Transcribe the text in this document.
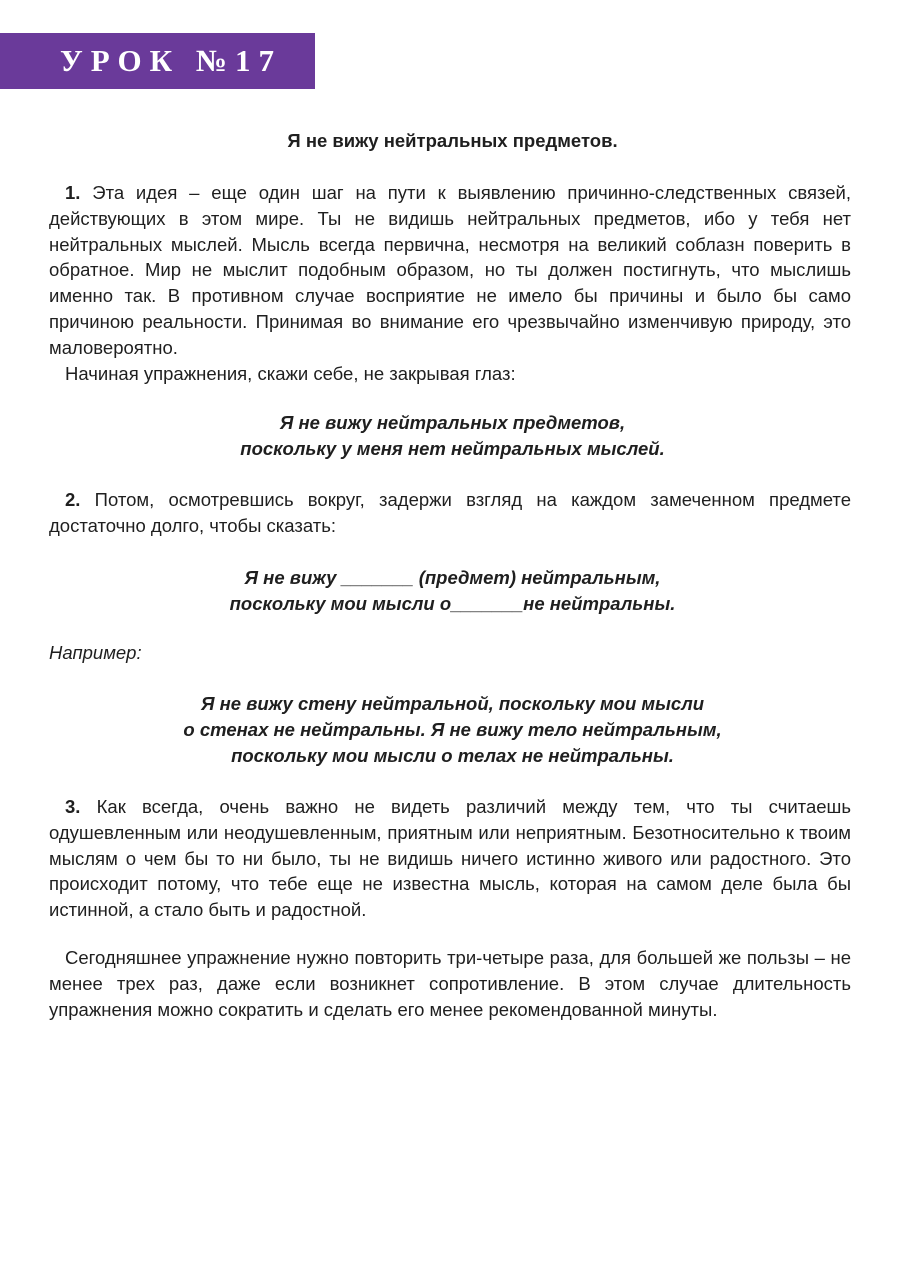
УРОК №17
Я не вижу нейтральных предметов.

1. Эта идея – еще один шаг на пути к выявлению причинно-следственных связей, действующих в этом мире. Ты не видишь нейтральных предметов, ибо у тебя нет нейтральных мыслей. Мысль всегда первична, несмотря на великий соблазн поверить в обратное. Мир не мыслит подобным образом, но ты должен постигнуть, что мыслишь именно так. В противном случае восприятие не имело бы причины и было бы само причиною реальности. Принимая во внимание его чрезвычайно изменчивую природу, это маловероятно.

Начиная упражнения, скажи себе, не закрывая глаз:

Я не вижу нейтральных предметов,
поскольку у меня нет нейтральных мыслей.

2. Потом, осмотревшись вокруг, задержи взгляд на каждом замеченном предмете достаточно долго, чтобы сказать:

Я не вижу _______ (предмет) нейтральным,
поскольку мои мысли о_______не нейтральны.
Например:
Я не вижу стену нейтральной, поскольку мои мысли
о стенах не нейтральны. Я не вижу тело нейтральным,
поскольку мои мысли о телах не нейтральны.

3. Как всегда, очень важно не видеть различий между тем, что ты считаешь одушевленным или неодушевленным, приятным или неприятным. Безотносительно к твоим мыслям о чем бы то ни было, ты не видишь ничего истинно живого или радостного. Это происходит потому, что тебе еще не известна мысль, которая на самом деле была бы истинной, а стало быть и радостной.

Сегодняшнее упражнение нужно повторить три-четыре раза, для большей же пользы – не менее трех раз, даже если возникнет сопротивление. В этом случае длительность упражнения можно сократить и сделать его менее рекомендованной минуты.
